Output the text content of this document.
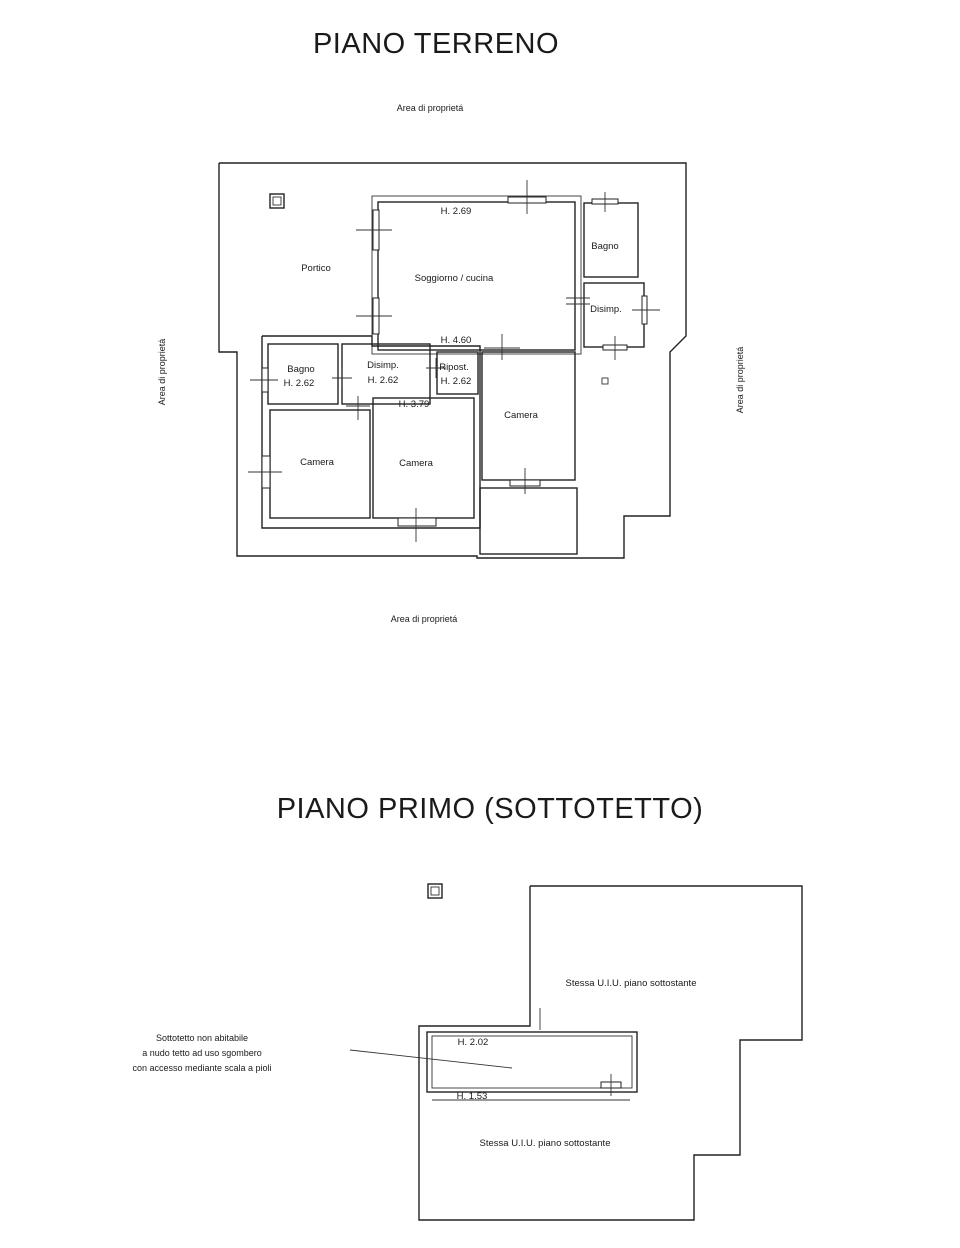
PIANO TERRENO
Area di proprietá
Area di proprietá
Area di proprietá	Area di proprietá
Soggiorno / cucina
H. 2.69
H. 4.60
Portico
Bagno
Disimp.
Bagno
H. 2.62
Disimp.
H. 2.62
Ripost.
H. 2.62
Camera
H. 3.79
Camera
Camera
PIANO PRIMO (SOTTOTETTO)
Stessa U.I.U. piano sottostante
H. 2.02
H. 1.53
Stessa U.I.U. piano sottostante
Sottotetto non abitabile
a nudo tetto ad uso sgombero
con accesso mediante scala a pioli
